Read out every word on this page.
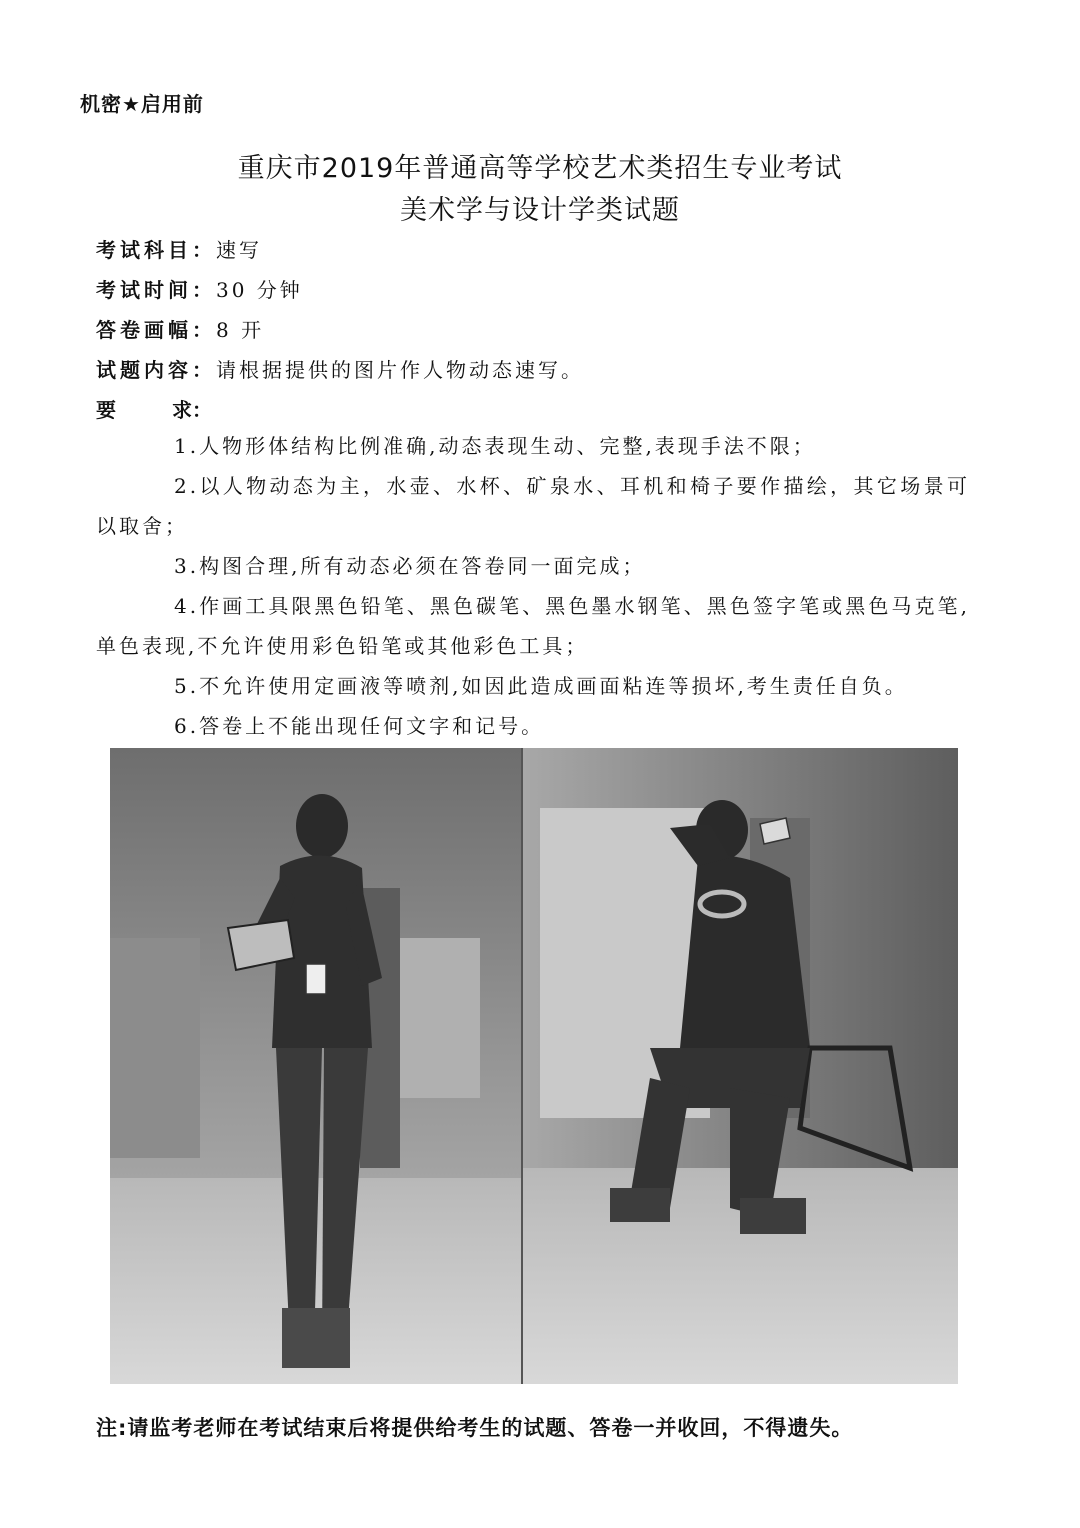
机密★启用前
重庆市2019年普通高等学校艺术类招生专业考试
美术学与设计学类试题
考试科目：速写
考试时间：30 分钟
答卷画幅：8 开
试题内容：请根据提供的图片作人物动态速写。
要	求：
1.人物形体结构比例准确,动态表现生动、完整,表现手法不限；
2.以人物动态为主，水壶、水杯、矿泉水、耳机和椅子要作描绘，其它场景可以取舍；
3.构图合理,所有动态必须在答卷同一面完成；
4.作画工具限黑色铅笔、黑色碳笔、黑色墨水钢笔、黑色签字笔或黑色马克笔,单色表现,不允许使用彩色铅笔或其他彩色工具；
5.不允许使用定画液等喷剂,如因此造成画面粘连等损坏,考生责任自负。
6.答卷上不能出现任何文字和记号。
注:请监考老师在考试结束后将提供给考生的试题、答卷一并收回，不得遗失。
